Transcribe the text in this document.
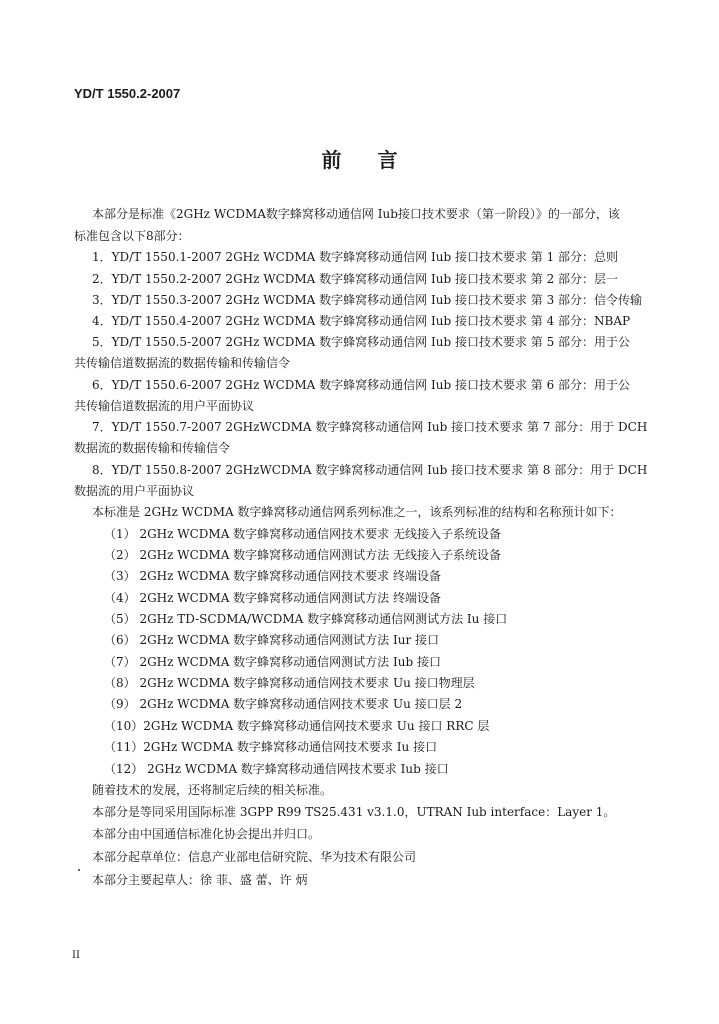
YD/T 1550.2-2007
前言
本部分是标准《2GHz WCDMA数字蜂窝移动通信网 Iub接口技术要求（第一阶段）》的一部分，该
标准包含以下8部分：
1．YD/T 1550.1-2007 2GHz WCDMA 数字蜂窝移动通信网 Iub 接口技术要求 第 1 部分：总则
2．YD/T 1550.2-2007 2GHz WCDMA 数字蜂窝移动通信网 Iub 接口技术要求 第 2 部分：层一
3．YD/T 1550.3-2007 2GHz WCDMA 数字蜂窝移动通信网 Iub 接口技术要求 第 3 部分：信令传输
4．YD/T 1550.4-2007 2GHz WCDMA 数字蜂窝移动通信网 Iub 接口技术要求 第 4 部分：NBAP
5．YD/T 1550.5-2007 2GHz WCDMA 数字蜂窝移动通信网 Iub 接口技术要求 第 5 部分：用于公
共传输信道数据流的数据传输和传输信令
6．YD/T 1550.6-2007 2GHz WCDMA 数字蜂窝移动通信网 Iub 接口技术要求 第 6 部分：用于公
共传输信道数据流的用户平面协议
7．YD/T 1550.7-2007 2GHzWCDMA 数字蜂窝移动通信网 Iub 接口技术要求 第 7 部分：用于 DCH
数据流的数据传输和传输信令
8．YD/T 1550.8-2007 2GHzWCDMA 数字蜂窝移动通信网 Iub 接口技术要求 第 8 部分：用于 DCH
数据流的用户平面协议
本标准是 2GHz WCDMA 数字蜂窝移动通信网系列标准之一，该系列标准的结构和名称预计如下：
（1） 2GHz WCDMA 数字蜂窝移动通信网技术要求 无线接入子系统设备
（2） 2GHz WCDMA 数字蜂窝移动通信网测试方法 无线接入子系统设备
（3） 2GHz WCDMA 数字蜂窝移动通信网技术要求 终端设备
（4） 2GHz WCDMA 数字蜂窝移动通信网测试方法 终端设备
（5） 2GHz TD-SCDMA/WCDMA 数字蜂窝移动通信网测试方法 Iu 接口
（6） 2GHz WCDMA 数字蜂窝移动通信网测试方法 Iur 接口
（7） 2GHz WCDMA 数字蜂窝移动通信网测试方法 Iub 接口
（8） 2GHz WCDMA 数字蜂窝移动通信网技术要求 Uu 接口物理层
（9） 2GHz WCDMA 数字蜂窝移动通信网技术要求 Uu 接口层 2
（10）2GHz WCDMA 数字蜂窝移动通信网技术要求 Uu 接口 RRC 层
（11）2GHz WCDMA 数字蜂窝移动通信网技术要求 Iu 接口
（12） 2GHz WCDMA 数字蜂窝移动通信网技术要求 Iub 接口
随着技术的发展，还将制定后续的相关标准。
本部分是等同采用国际标准 3GPP R99 TS25.431 v3.1.0，UTRAN Iub interface：Layer 1。
本部分由中国通信标准化协会提出并归口。
本部分起草单位：信息产业部电信研究院、华为技术有限公司
本部分主要起草人：徐 菲、盛 蕾、许 炳
II
